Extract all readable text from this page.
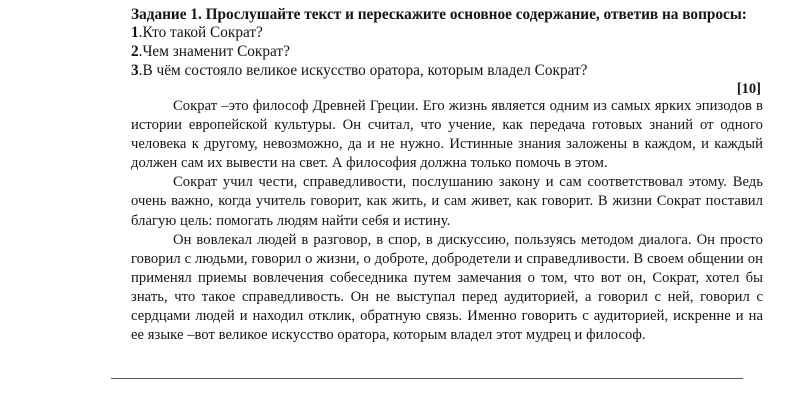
Задание 1. Прослушайте текст и перескажите основное содержание, ответив на вопросы:
1.Кто такой Сократ?
2.Чем знаменит Сократ?
3.В чём состояло великое искусство оратора, которым владел Сократ?
[10]

Сократ –это философ Древней Греции. Его жизнь является одним из самых ярких эпизодов в истории европейской культуры. Он считал, что учение, как передача готовых знаний от одного человека к другому, невозможно, да и не нужно. Истинные знания заложены в каждом, и каждый должен сам их вывести на свет. А философия должна только помочь в этом.

Сократ учил чести, справедливости, послушанию закону и сам соответствовал этому. Ведь очень важно, когда учитель говорит, как жить, и сам живет, как говорит. В жизни Сократ поставил благую цель: помогать людям найти себя и истину.

Он вовлекал людей в разговор, в спор, в дискуссию, пользуясь методом диалога. Он просто говорил с людьми, говорил о жизни, о доброте, добродетели и справедливости. В своем общении он применял приемы вовлечения собеседника путем замечания о том, что вот он, Сократ, хотел бы знать, что такое справедливость. Он не выступал перед аудиторией, а говорил с ней, говорил с сердцами людей и находил отклик, обратную связь. Именно говорить с аудиторией, искренне и на ее языке –вот великое искусство оратора, которым владел этот мудрец и философ.
